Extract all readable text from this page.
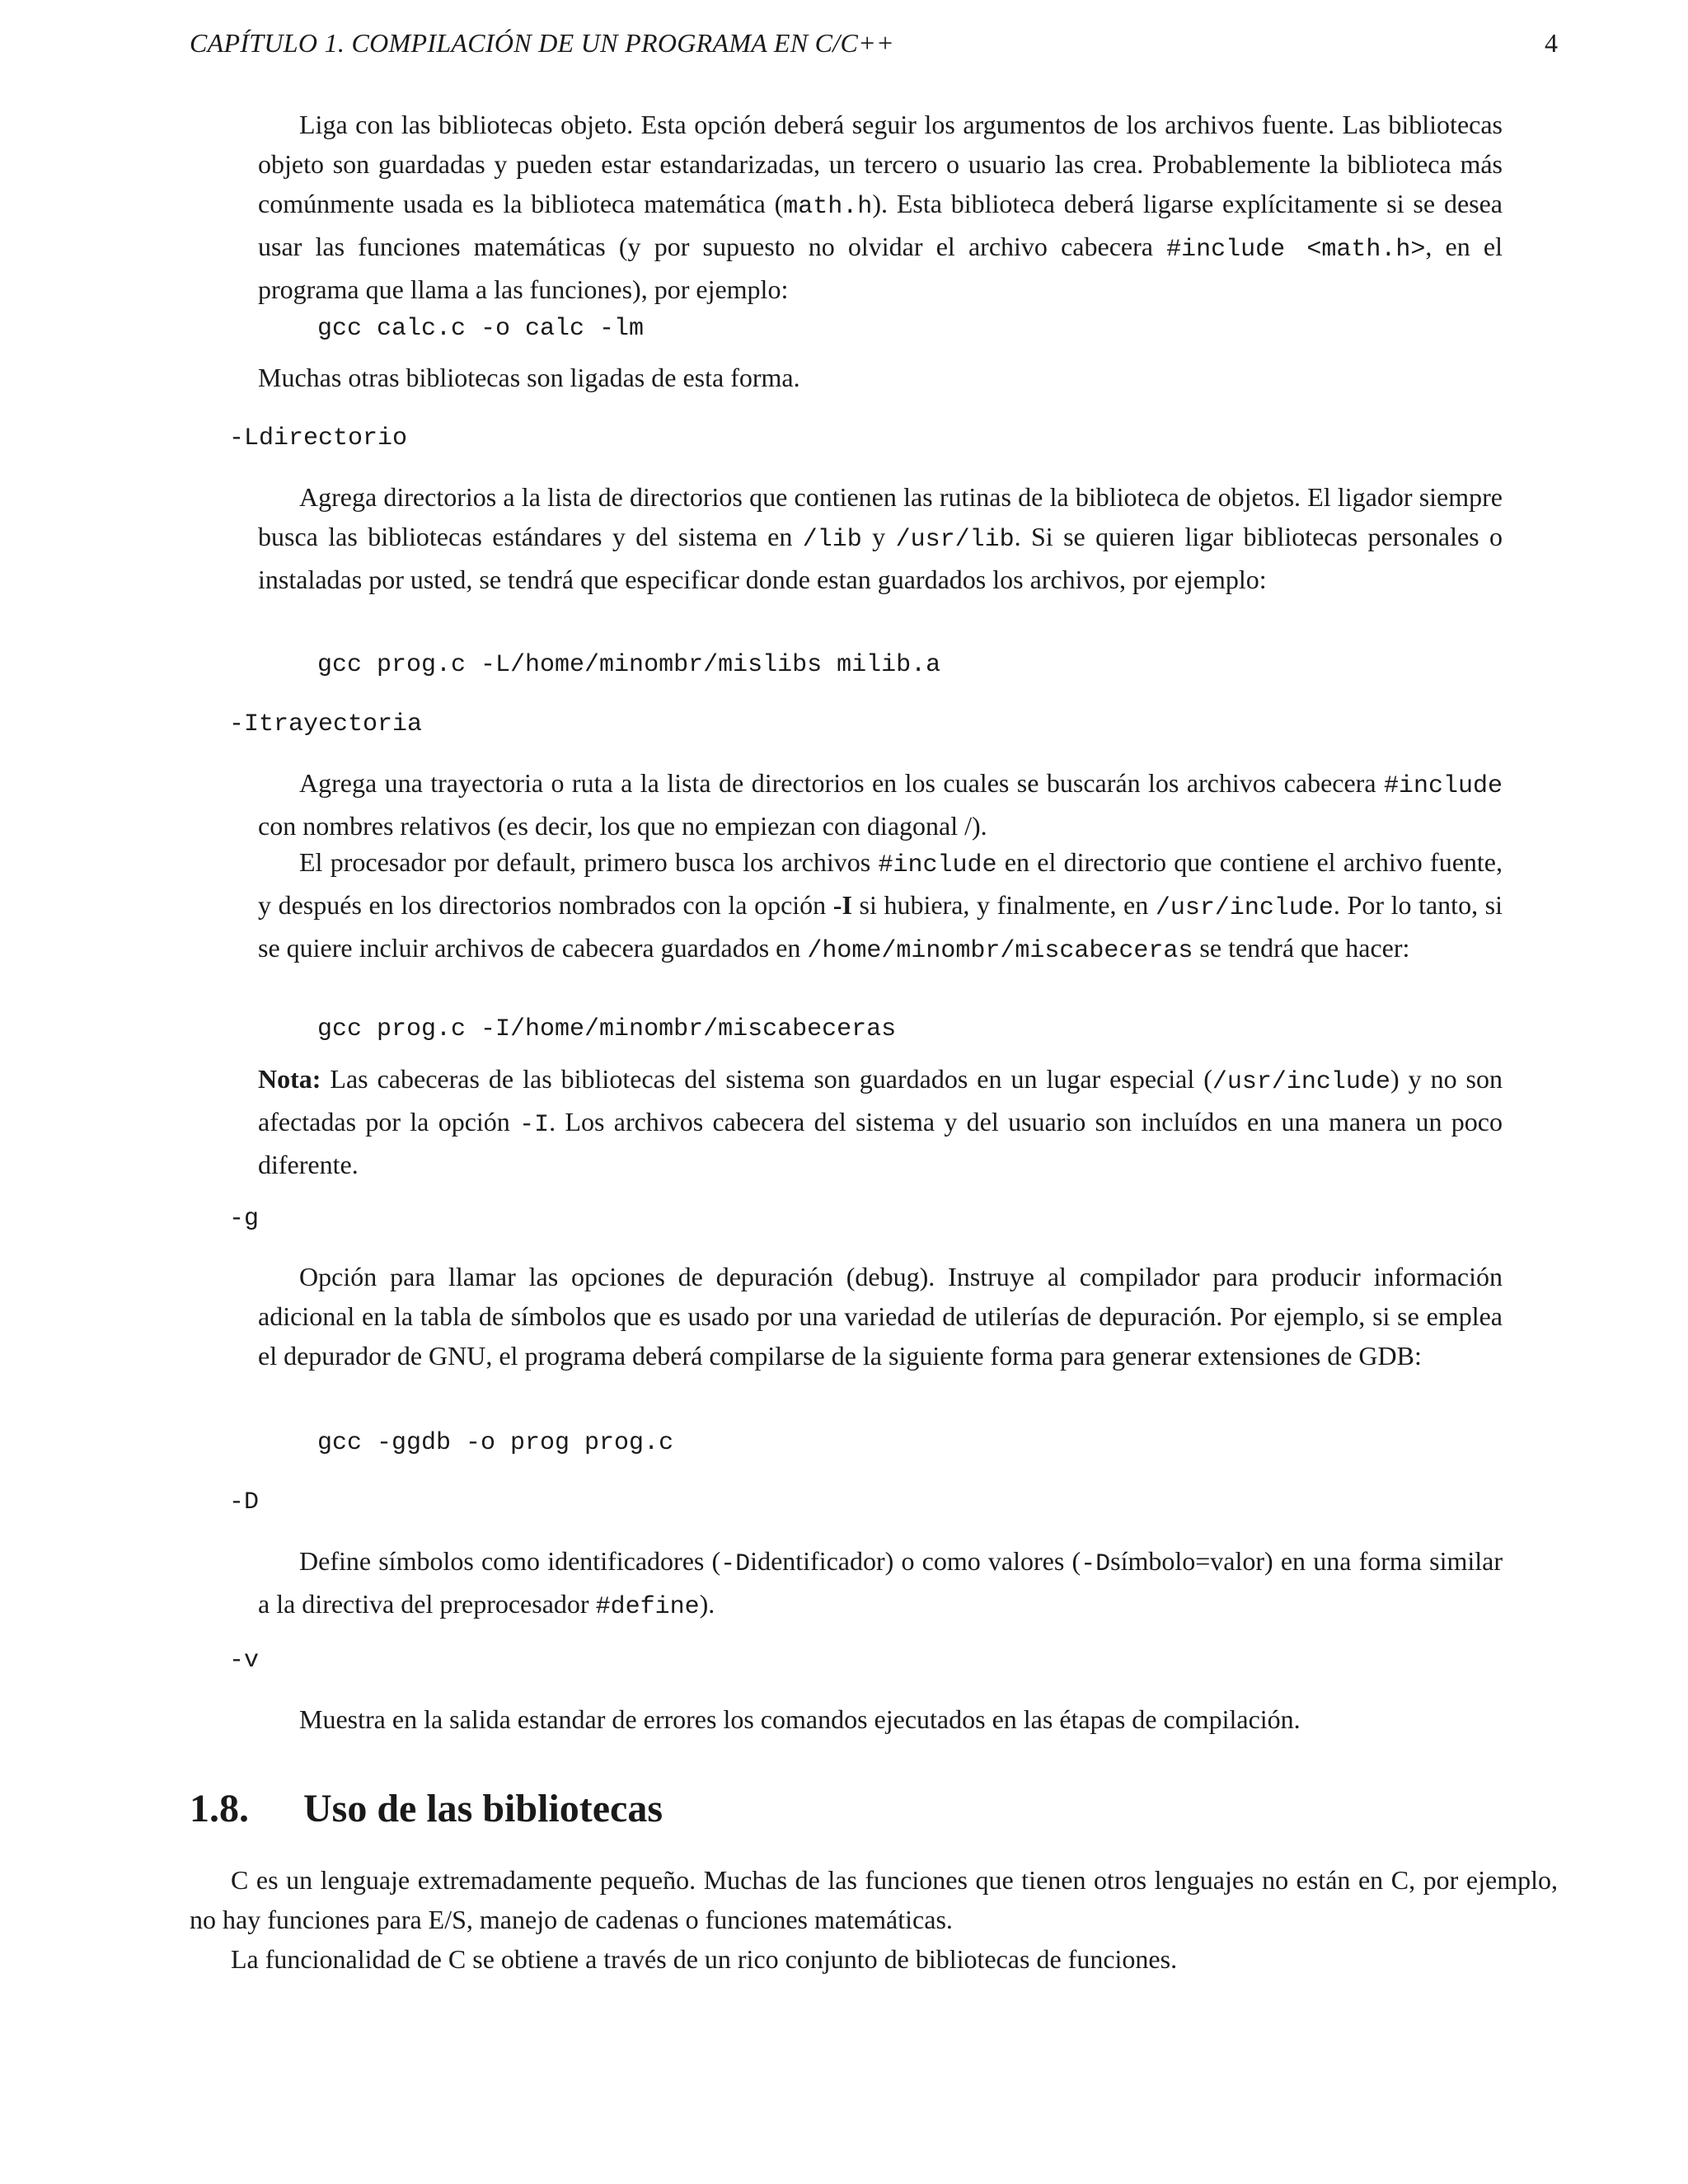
CAPÍTULO 1. COMPILACIÓN DE UN PROGRAMA EN C/C++	4
Liga con las bibliotecas objeto. Esta opción deberá seguir los argumentos de los archivos fuente. Las bibliotecas objeto son guardadas y pueden estar estandarizadas, un tercero o usuario las crea. Probablemente la biblioteca más comúnmente usada es la biblioteca matemática (math.h). Esta biblioteca deberá ligarse explícitamente si se desea usar las funciones matemáticas (y por supuesto no olvidar el archivo cabecera #include <math.h>, en el programa que llama a las funciones), por ejemplo:
gcc calc.c -o calc -lm
Muchas otras bibliotecas son ligadas de esta forma.
-Ldirectorio
Agrega directorios a la lista de directorios que contienen las rutinas de la biblioteca de objetos. El ligador siempre busca las bibliotecas estándares y del sistema en /lib y /usr/lib. Si se quieren ligar bibliotecas personales o instaladas por usted, se tendrá que especificar donde estan guardados los archivos, por ejemplo:
gcc prog.c -L/home/minombr/mislibs milib.a
-Itrayectoria
Agrega una trayectoria o ruta a la lista de directorios en los cuales se buscarán los archivos cabecera #include con nombres relativos (es decir, los que no empiezan con diagonal /).
El procesador por default, primero busca los archivos #include en el directorio que contiene el archivo fuente, y después en los directorios nombrados con la opción -I si hubiera, y finalmente, en /usr/include. Por lo tanto, si se quiere incluir archivos de cabecera guardados en /home/minombr/miscabeceras se tendrá que hacer:
gcc prog.c -I/home/minombr/miscabeceras
Nota: Las cabeceras de las bibliotecas del sistema son guardados en un lugar especial (/usr/include) y no son afectadas por la opción -I. Los archivos cabecera del sistema y del usuario son incluídos en una manera un poco diferente.
-g
Opción para llamar las opciones de depuración (debug). Instruye al compilador para producir información adicional en la tabla de símbolos que es usado por una variedad de utilerías de depuración. Por ejemplo, si se emplea el depurador de GNU, el programa deberá compilarse de la siguiente forma para generar extensiones de GDB:
gcc -ggdb -o prog prog.c
-D
Define símbolos como identificadores (-Didentificador) o como valores (-Dsímbolo=valor) en una forma similar a la directiva del preprocesador #define).
-v
Muestra en la salida estandar de errores los comandos ejecutados en las étapas de compilación.
1.8. Uso de las bibliotecas
C es un lenguaje extremadamente pequeño. Muchas de las funciones que tienen otros lenguajes no están en C, por ejemplo, no hay funciones para E/S, manejo de cadenas o funciones matemáticas.
La funcionalidad de C se obtiene a través de un rico conjunto de bibliotecas de funciones.
